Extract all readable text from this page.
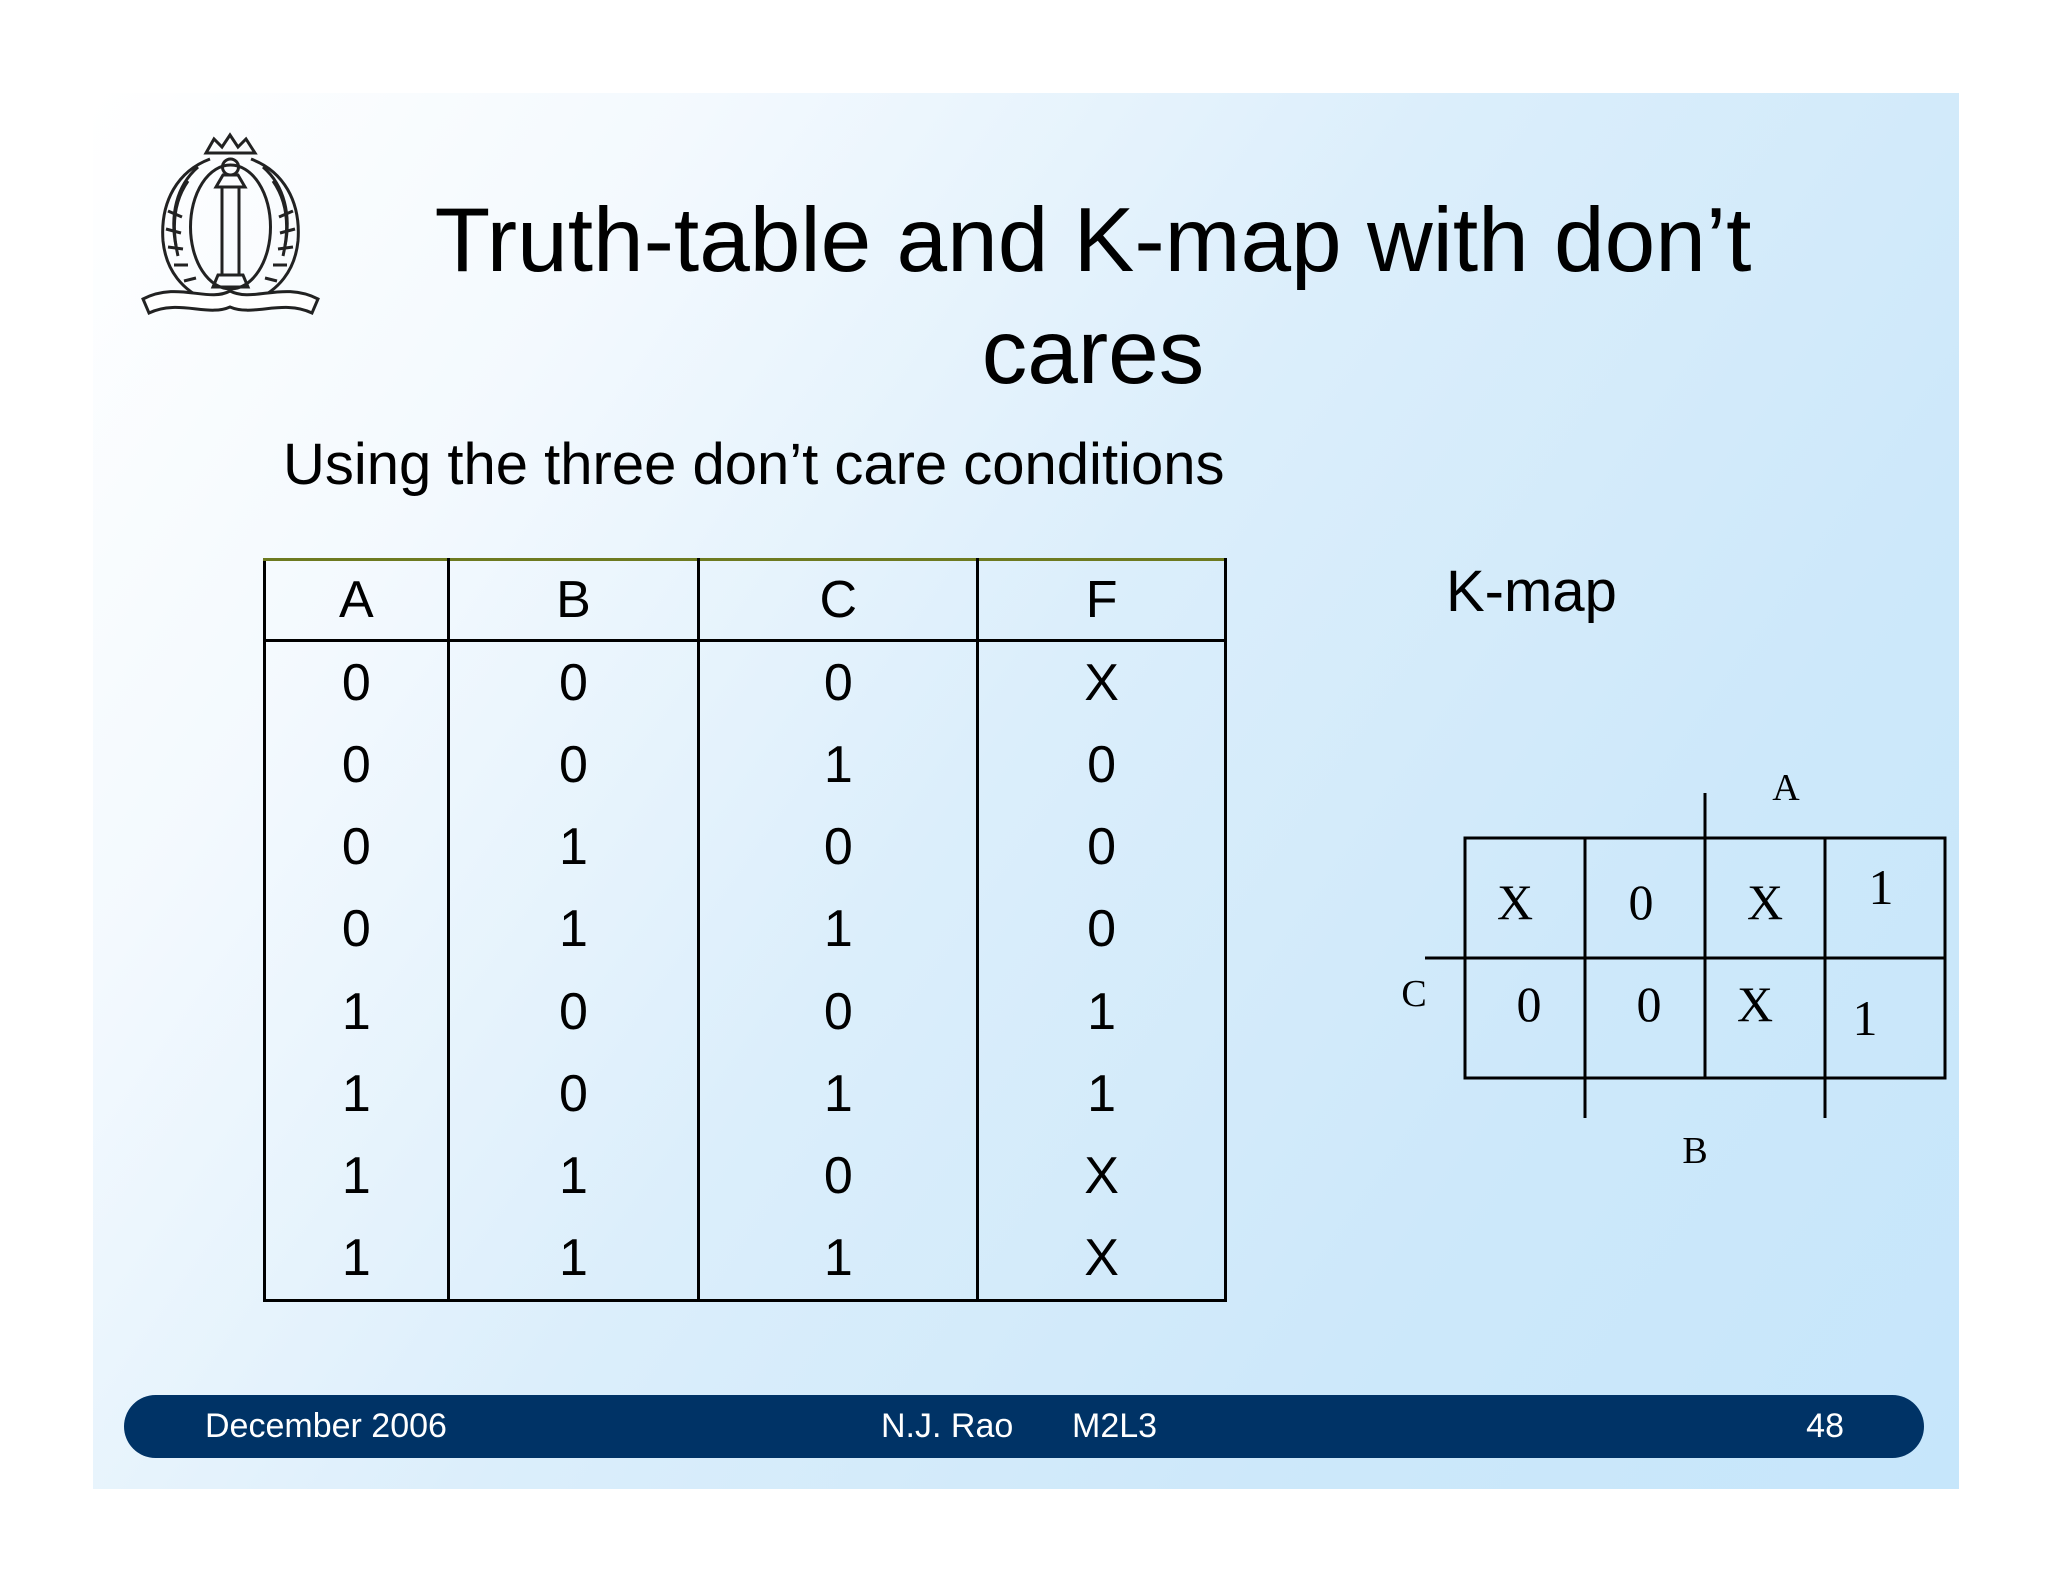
Truth-table and K-map with don’t cares

Using the three don’t care conditions

A	B	C	F
0	0	0	X
0	0	1	0
0	1	0	0
0	1	1	0
1	0	0	1
1	0	1	1
1	1	0	X
1	1	1	X

K-map

A
B
C
X 0 X 1
0 0 X 1
December 2006	N.J. Rao M2L3	48
